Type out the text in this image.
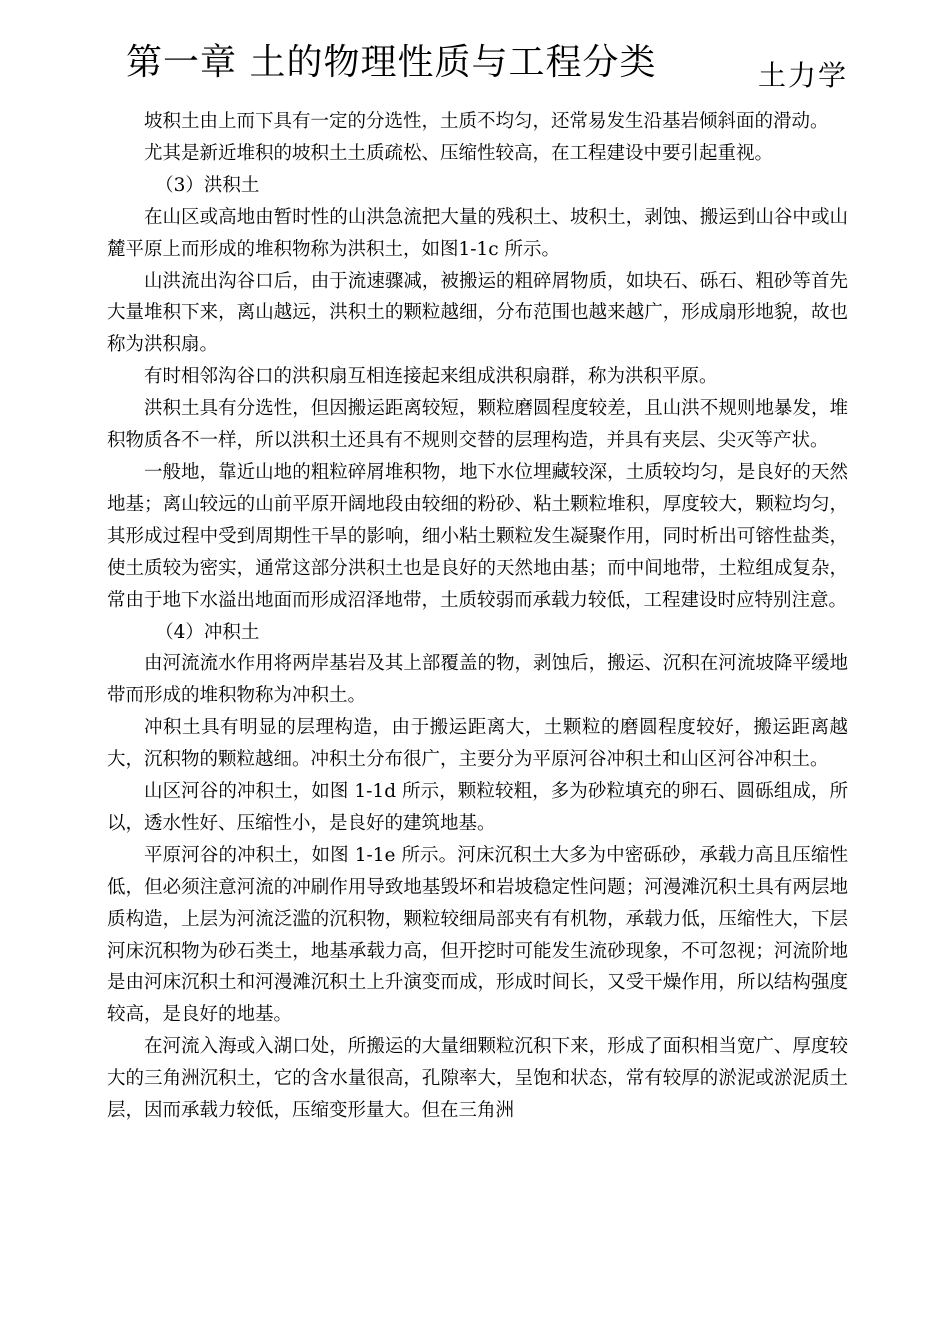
第一章 土的物理性质与工程分类	土力学

坡积土由上而下具有一定的分选性，土质不均匀，还常易发生沿基岩倾斜面的滑动。

尤其是新近堆积的坡积土土质疏松、压缩性较高，在工程建设中要引起重视。

（3）洪积土

在山区或高地由暂时性的山洪急流把大量的残积土、坡积土，剥蚀、搬运到山谷中或山麓平原上而形成的堆积物称为洪积土，如图1-1c 所示。

山洪流出沟谷口后，由于流速骤减，被搬运的粗碎屑物质，如块石、砾石、粗砂等首先大量堆积下来，离山越远，洪积土的颗粒越细，分布范围也越来越广，形成扇形地貌，故也称为洪积扇。

有时相邻沟谷口的洪积扇互相连接起来组成洪积扇群，称为洪积平原。

洪积土具有分选性，但因搬运距离较短，颗粒磨圆程度较差，且山洪不规则地暴发，堆积物质各不一样，所以洪积土还具有不规则交替的层理构造，并具有夹层、尖灭等产状。

一般地，靠近山地的粗粒碎屑堆积物，地下水位埋藏较深，土质较均匀，是良好的天然地基；离山较远的山前平原开阔地段由较细的粉砂、粘土颗粒堆积，厚度较大，颗粒均匀，其形成过程中受到周期性干旱的影响，细小粘土颗粒发生凝聚作用，同时析出可镕性盐类，使土质较为密实，通常这部分洪积土也是良好的天然地由基；而中间地带，土粒组成复杂，常由于地下水溢出地面而形成沼泽地带，土质较弱而承载力较低，工程建设时应特别注意。

（4）冲积土

由河流流水作用将两岸基岩及其上部覆盖的物，剥蚀后，搬运、沉积在河流坡降平缓地带而形成的堆积物称为冲积土。

冲积土具有明显的层理构造，由于搬运距离大，土颗粒的磨圆程度较好，搬运距离越大，沉积物的颗粒越细。冲积土分布很广，主要分为平原河谷冲积土和山区河谷冲积土。

山区河谷的冲积土，如图 1-1d 所示，颗粒较粗，多为砂粒填充的卵石、圆砾组成，所以，透水性好、压缩性小，是良好的建筑地基。

平原河谷的冲积土，如图 1-1e 所示。河床沉积土大多为中密砾砂，承载力高且压缩性低，但必须注意河流的冲刷作用导致地基毁坏和岩坡稳定性问题；河漫滩沉积土具有两层地质构造，上层为河流泛滥的沉积物，颗粒较细局部夹有有机物，承载力低，压缩性大，下层河床沉积物为砂石类土，地基承载力高，但开挖时可能发生流砂现象，不可忽视；河流阶地是由河床沉积土和河漫滩沉积土上升演变而成，形成时间长，又受干燥作用，所以结构强度较高，是良好的地基。

在河流入海或入湖口处，所搬运的大量细颗粒沉积下来，形成了面积相当宽广、厚度较大的三角洲沉积土，它的含水量很高，孔隙率大，呈饱和状态，常有较厚的淤泥或淤泥质土层，因而承载力较低，压缩变形量大。但在三角洲
